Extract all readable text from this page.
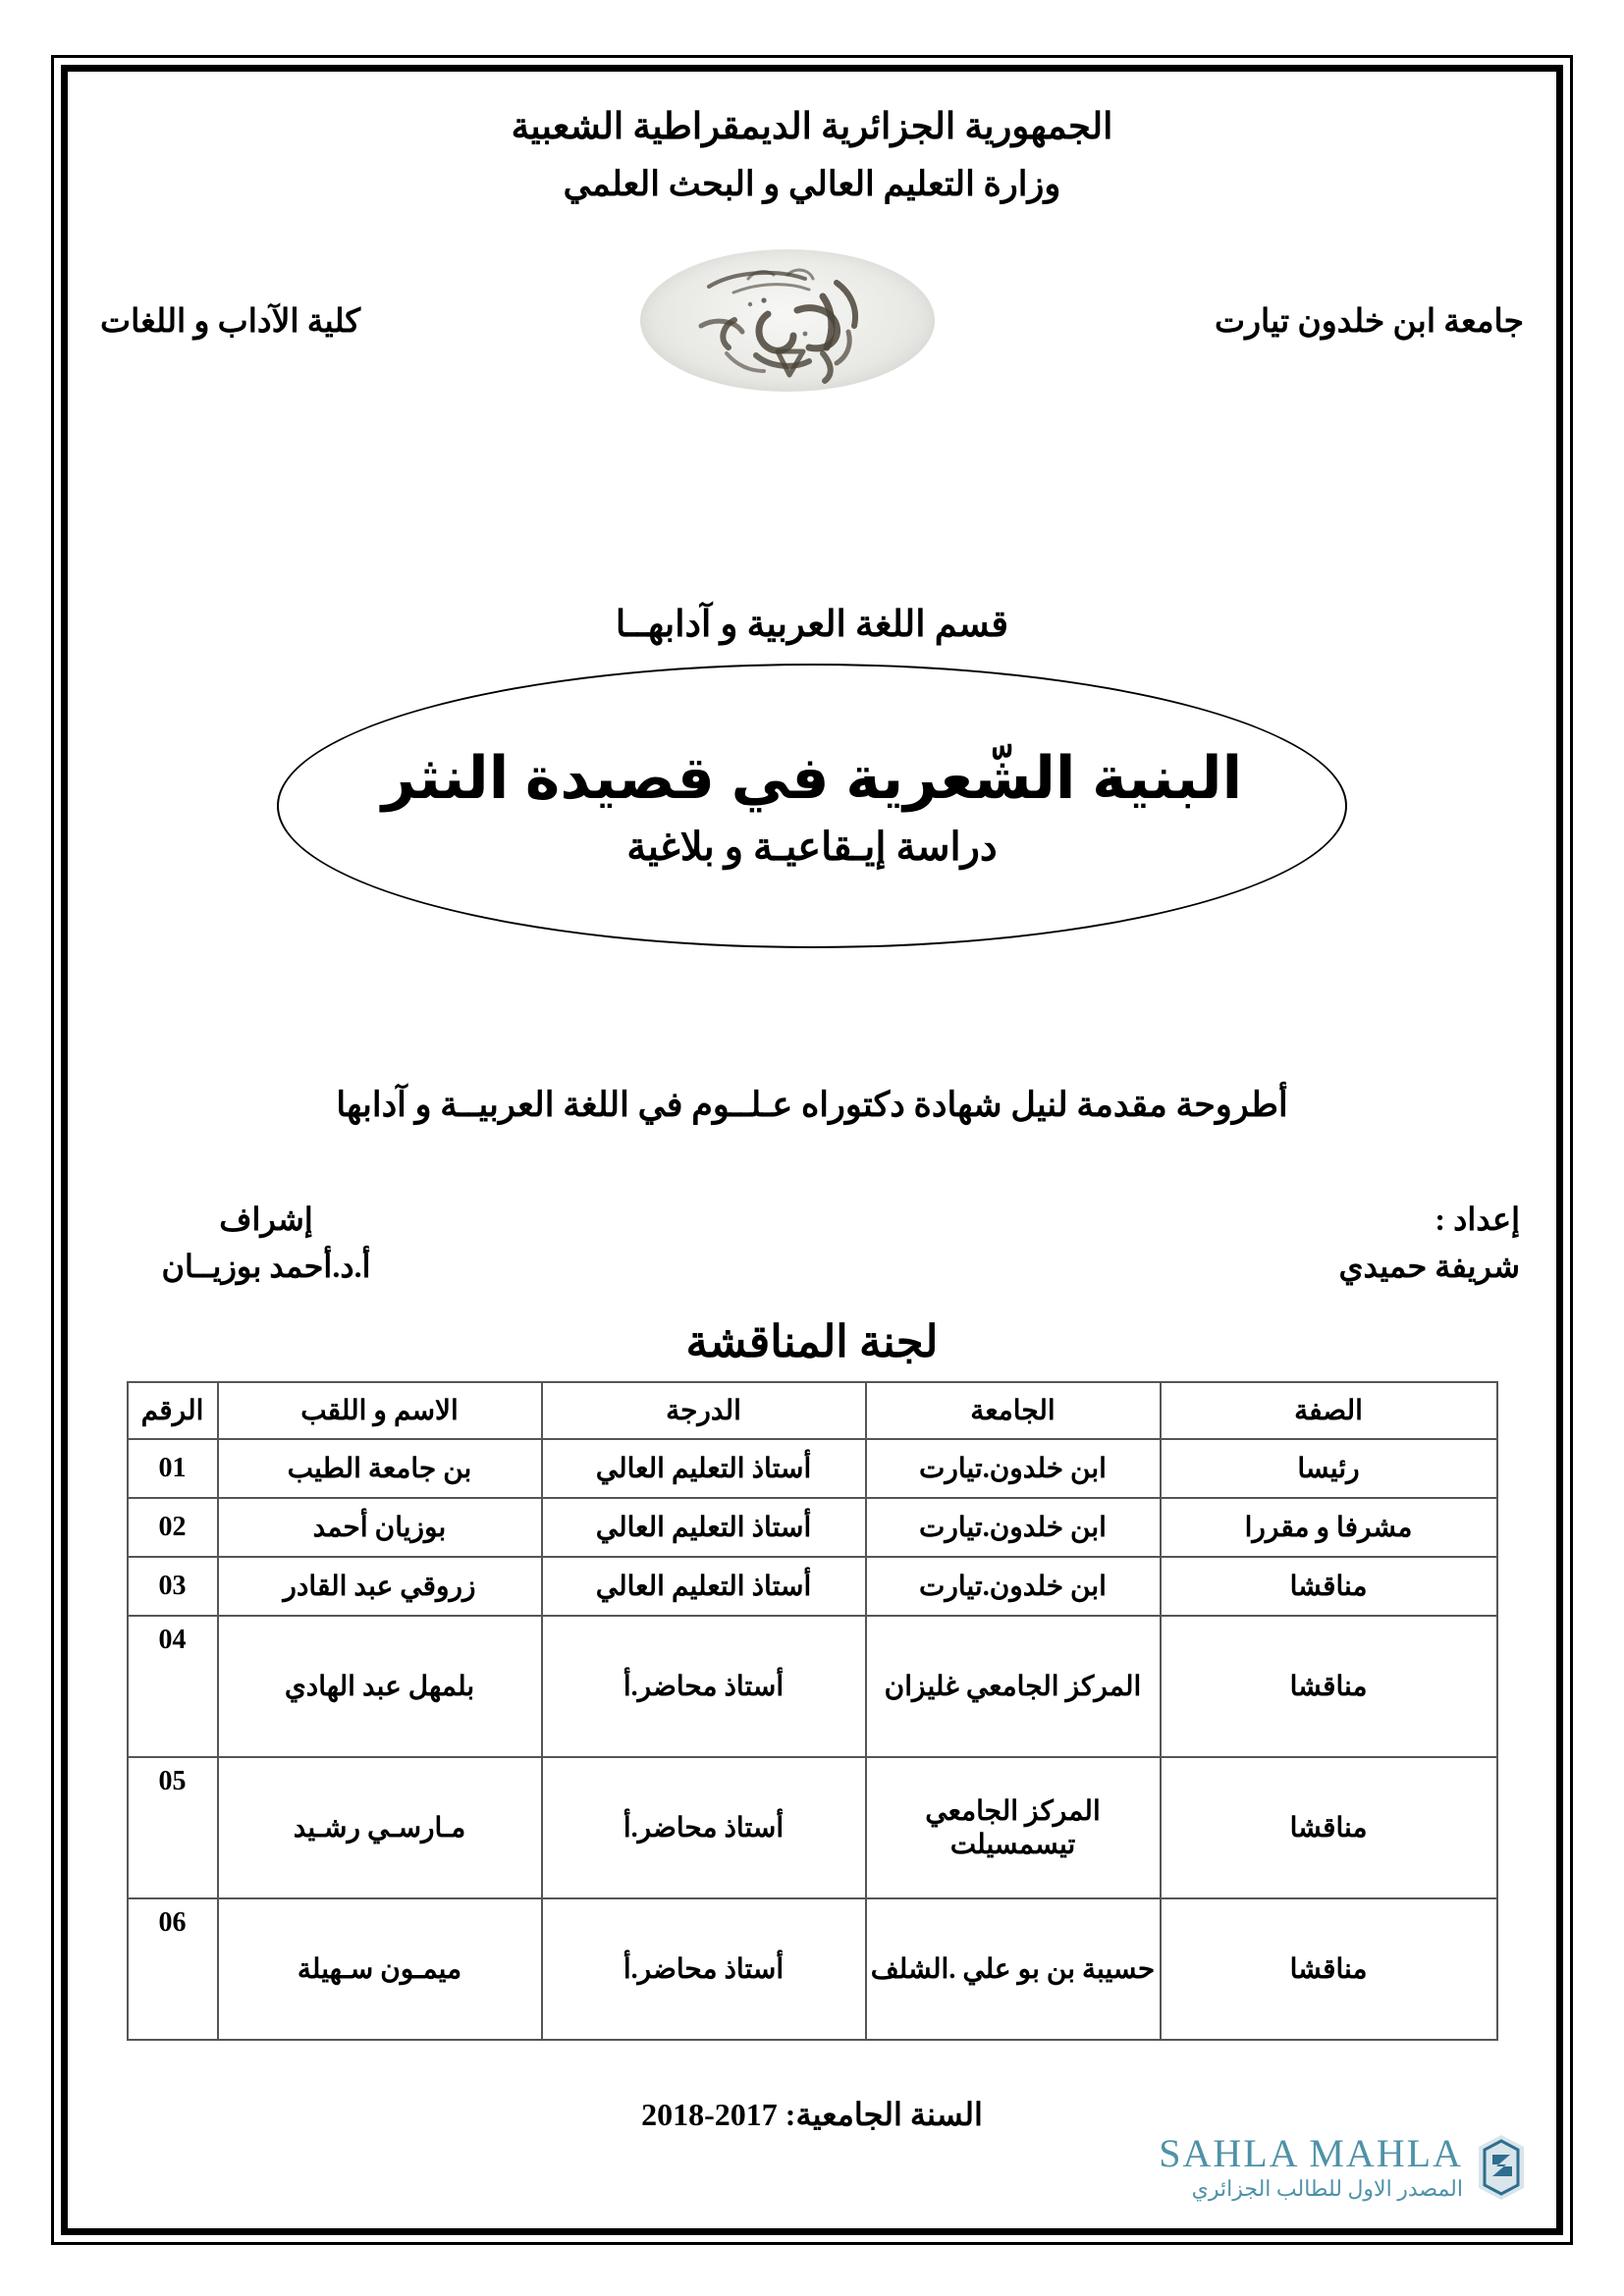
الجمهورية الجزائرية الديمقراطية الشعبية
وزارة التعليم العالي و البحث العلمي
جامعة ابن خلدون تيارت
كلية الآداب و اللغات
قسم اللغة العربية و آدابهــا
البنية الشّعرية في قصيدة النثر
دراسة إيـقاعيـة و بلاغية
أطروحة مقدمة لنيل شهادة دكتوراه عـلــوم في اللغة العربيــة و آدابها
إعداد :
شريفة حميدي
إشراف
أ.د.أحمد بوزيــان
لجنة المناقشة
الصفة	الجامعة	الدرجة	الاسم و اللقب	الرقم
رئيسا	ابن خلدون.تيارت	أستاذ التعليم العالي	بن جامعة الطيب	01
مشرفا و مقررا	ابن خلدون.تيارت	أستاذ التعليم العالي	بوزيان أحمد	02
مناقشا	ابن خلدون.تيارت	أستاذ التعليم العالي	زروقي عبد القادر	03
مناقشا	المركز الجامعي غليزان	أستاذ محاضر.أ	بلمهل عبد الهادي	04
مناقشا	المركز الجامعي تيسمسيلت	أستاذ محاضر.أ	مـارسـي رشـيد	05
مناقشا	حسيبة بن بو علي .الشلف	أستاذ محاضر.أ	ميمـون سـهيلة	06
السنة الجامعية: 2017-2018
SAHLA MAHLA
المصدر الاول للطالب الجزائري
